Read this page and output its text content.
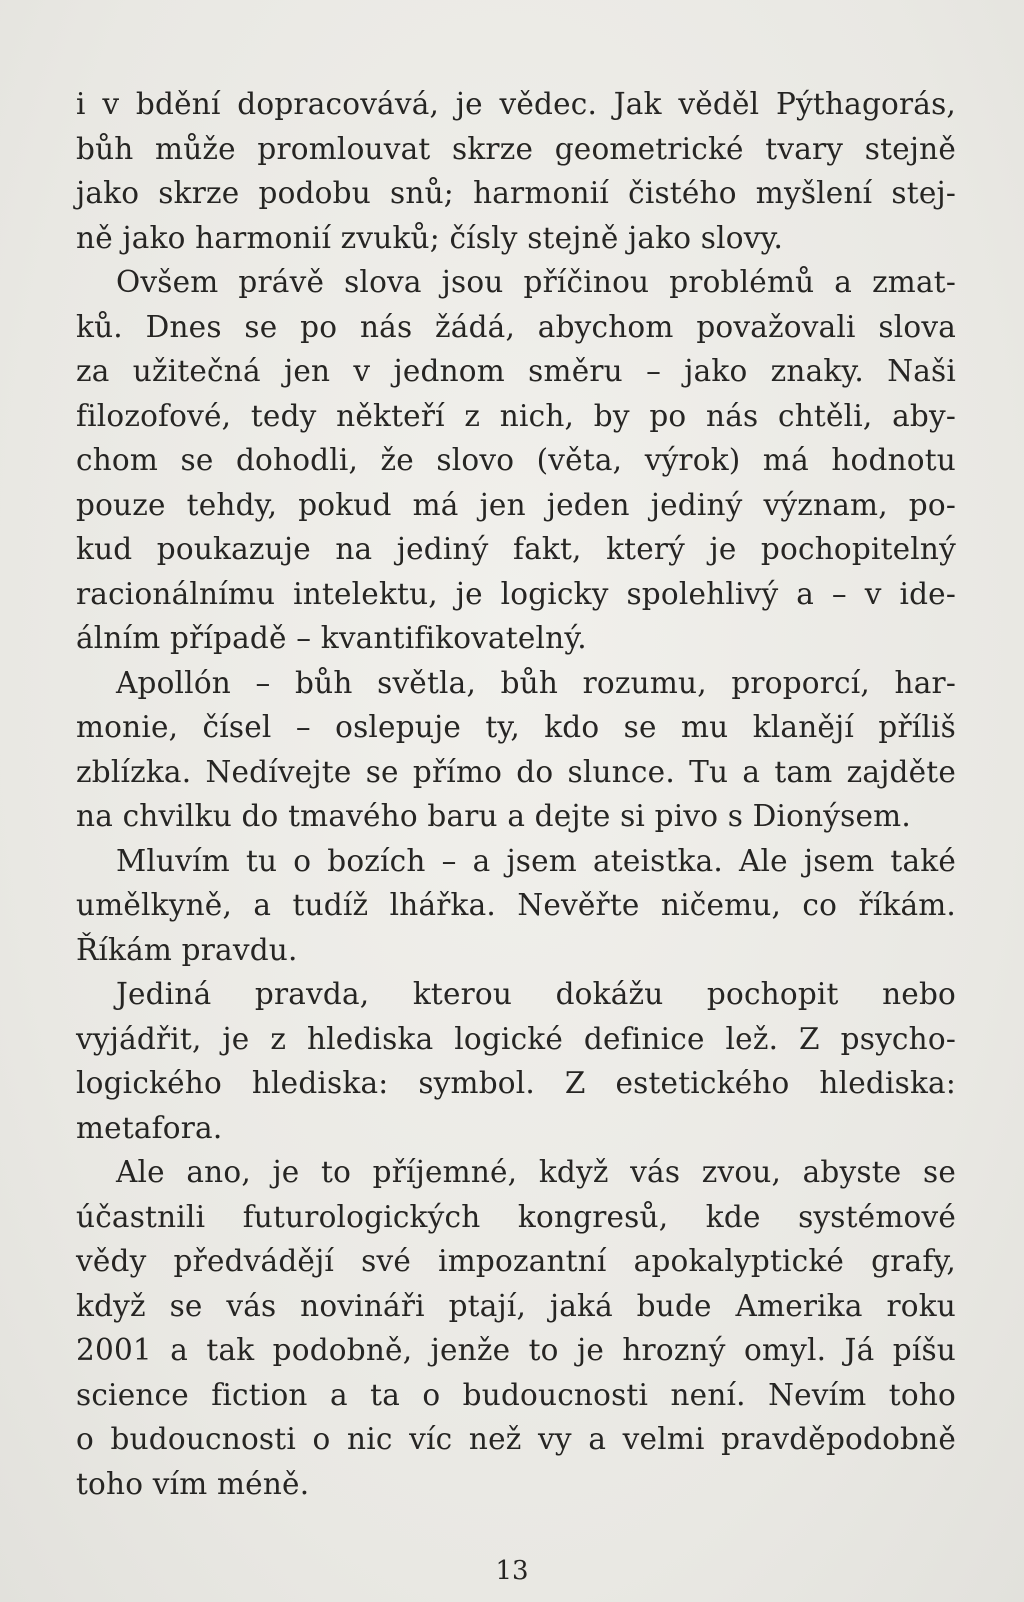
i v bdění dopracovává, je vědec. Jak věděl Pýthagorás,
bůh může promlouvat skrze geometrické tvary stejně
jako skrze podobu snů; harmonií čistého myšlení stej-
ně jako harmonií zvuků; čísly stejně jako slovy.
Ovšem právě slova jsou příčinou problémů a zmat-
ků. Dnes se po nás žádá, abychom považovali slova
za užitečná jen v jednom směru – jako znaky. Naši
filozofové, tedy někteří z nich, by po nás chtěli, aby-
chom se dohodli, že slovo (věta, výrok) má hodnotu
pouze tehdy, pokud má jen jeden jediný význam, po-
kud poukazuje na jediný fakt, který je pochopitelný
racionálnímu intelektu, je logicky spolehlivý a – v ide-
álním případě – kvantifikovatelný.
Apollón – bůh světla, bůh rozumu, proporcí, har-
monie, čísel – oslepuje ty, kdo se mu klanějí příliš
zblízka. Nedívejte se přímo do slunce. Tu a tam zajděte
na chvilku do tmavého baru a dejte si pivo s Dionýsem.
Mluvím tu o bozích – a jsem ateistka. Ale jsem také
umělkyně, a tudíž lhářka. Nevěřte ničemu, co říkám.
Říkám pravdu.
Jediná pravda, kterou dokážu pochopit nebo
vyjádřit, je z hlediska logické definice lež. Z psycho-
logického hlediska: symbol. Z estetického hlediska:
metafora.
Ale ano, je to příjemné, když vás zvou, abyste se
účastnili futurologických kongresů, kde systémové
vědy předvádějí své impozantní apokalyptické grafy,
když se vás novináři ptají, jaká bude Amerika roku
2001 a tak podobně, jenže to je hrozný omyl. Já píšu
science fiction a ta o budoucnosti není. Nevím toho
o budoucnosti o nic víc než vy a velmi pravděpodobně
toho vím méně.
13
